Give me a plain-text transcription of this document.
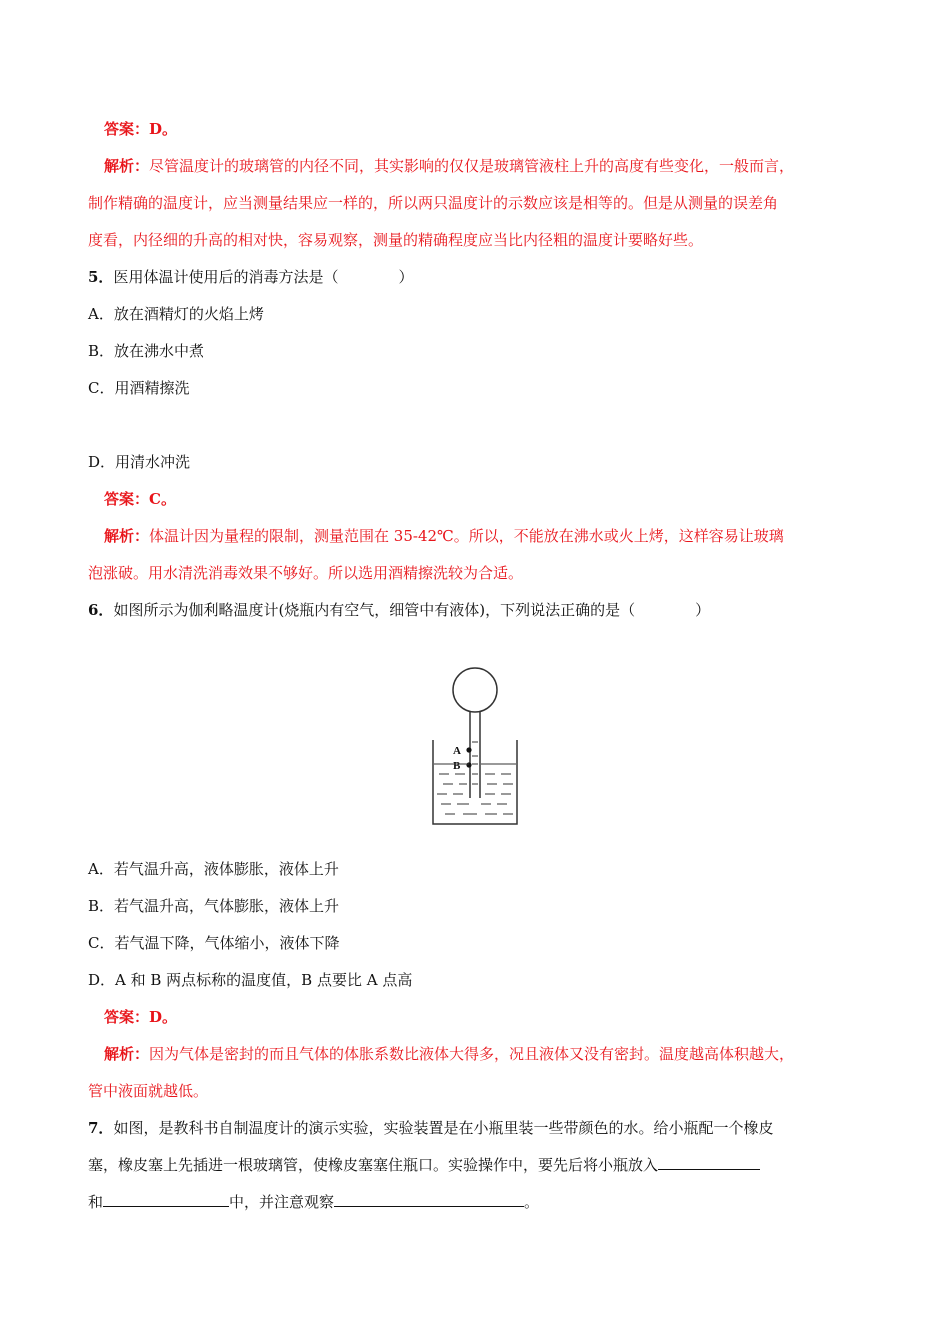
答案：D。
解析：尽管温度计的玻璃管的内径不同，其实影响的仅仅是玻璃管液柱上升的高度有些变化，一般而言，
制作精确的温度计，应当测量结果应一样的，所以两只温度计的示数应该是相等的。但是从测量的误差角
度看，内径细的升高的相对快，容易观察，测量的精确程度应当比内径粗的温度计要略好些。
5．医用体温计使用后的消毒方法是（　　　　）
A．放在酒精灯的火焰上烤
B．放在沸水中煮
C．用酒精擦洗
D．用清水冲洗
答案：C。
解析：体温计因为量程的限制，测量范围在 35-42℃。所以，不能放在沸水或火上烤，这样容易让玻璃
泡涨破。用水清洗消毒效果不够好。所以选用酒精擦洗较为合适。
6．如图所示为伽利略温度计(烧瓶内有空气，细管中有液体)，下列说法正确的是（　　　　）
A
B
A．若气温升高，液体膨胀，液体上升
B．若气温升高，气体膨胀，液体上升
C．若气温下降，气体缩小，液体下降
D．A 和 B 两点标称的温度值，B 点要比 A 点高
答案：D。
解析：因为气体是密封的而且气体的体胀系数比液体大得多，况且液体又没有密封。温度越高体积越大，
管中液面就越低。
7．如图，是教科书自制温度计的演示实验，实验装置是在小瓶里装一些带颜色的水。给小瓶配一个橡皮
塞，橡皮塞上先插进一根玻璃管，使橡皮塞塞住瓶口。实验操作中，要先后将小瓶放入
和	中，并注意观察	。
